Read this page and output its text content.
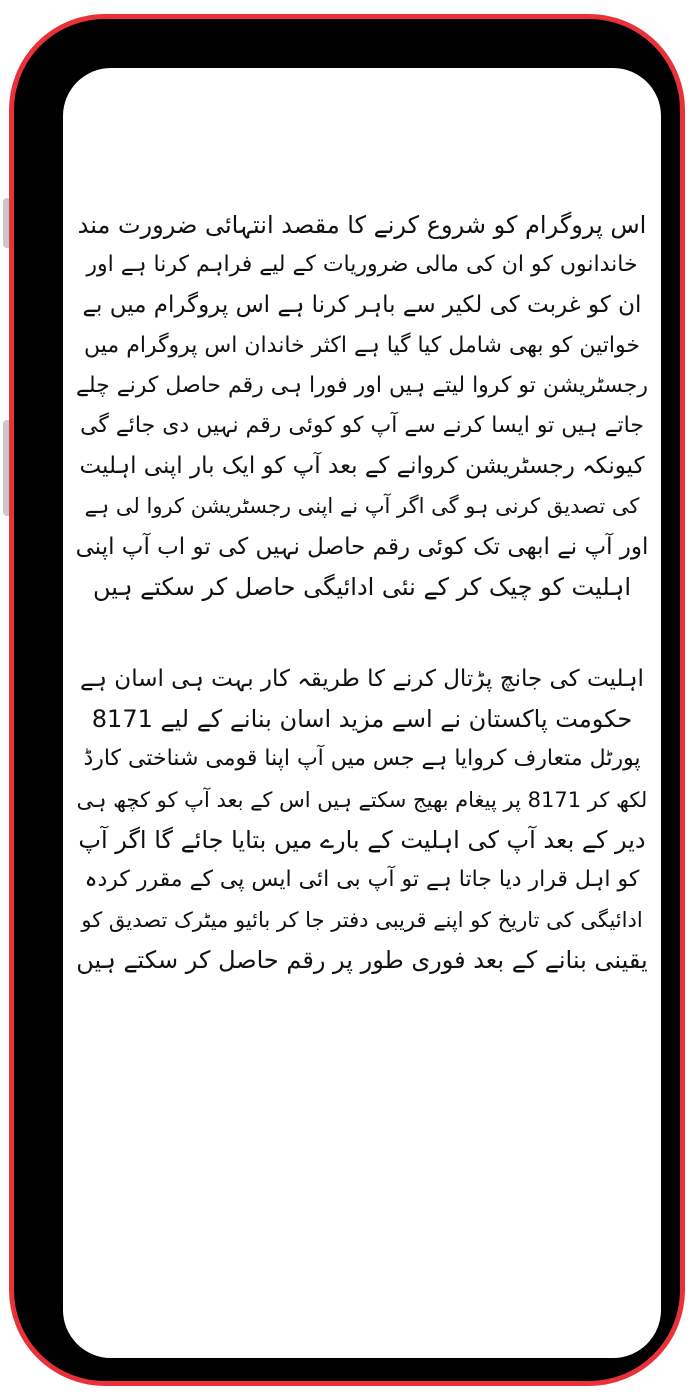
اس پروگرام کو شروع کرنے کا مقصد انتہائی ضرورت مند
خاندانوں کو ان کی مالی ضروریات کے لیے فراہم کرنا ہے اور
ان کو غربت کی لکیر سے باہر کرنا ہے اس پروگرام میں بے
خواتین کو بھی شامل کیا گیا ہے اکثر خاندان اس پروگرام میں
رجسٹریشن تو کروا لیتے ہیں اور فورا ہی رقم حاصل کرنے چلے
جاتے ہیں تو ایسا کرنے سے آپ کو کوئی رقم نہیں دی جائے گی
کیونکہ رجسٹریشن کروانے کے بعد آپ کو ایک بار اپنی اہلیت
کی تصدیق کرنی ہو گی اگر آپ نے اپنی رجسٹریشن کروا لی ہے
اور آپ نے ابھی تک کوئی رقم حاصل نہیں کی تو اب آپ اپنی
اہلیت کو چیک کر کے نئی ادائیگی حاصل کر سکتے ہیں

اہلیت کی جانچ پڑتال کرنے کا طریقہ کار بہت ہی اسان ہے
حکومت پاکستان نے اسے مزید اسان بنانے کے لیے 8171
پورٹل متعارف کروایا ہے جس میں آپ اپنا قومی شناختی کارڈ
لکھ کر 8171 پر پیغام بھیج سکتے ہیں اس کے بعد آپ کو کچھ ہی
دیر کے بعد آپ کی اہلیت کے بارے میں بتایا جائے گا اگر آپ
کو اہل قرار دیا جاتا ہے تو آپ بی ائی ایس پی کے مقرر کردہ
ادائیگی کی تاریخ کو اپنے قریبی دفتر جا کر بائیو میٹرک تصدیق کو
یقینی بنانے کے بعد فوری طور پر رقم حاصل کر سکتے ہیں
